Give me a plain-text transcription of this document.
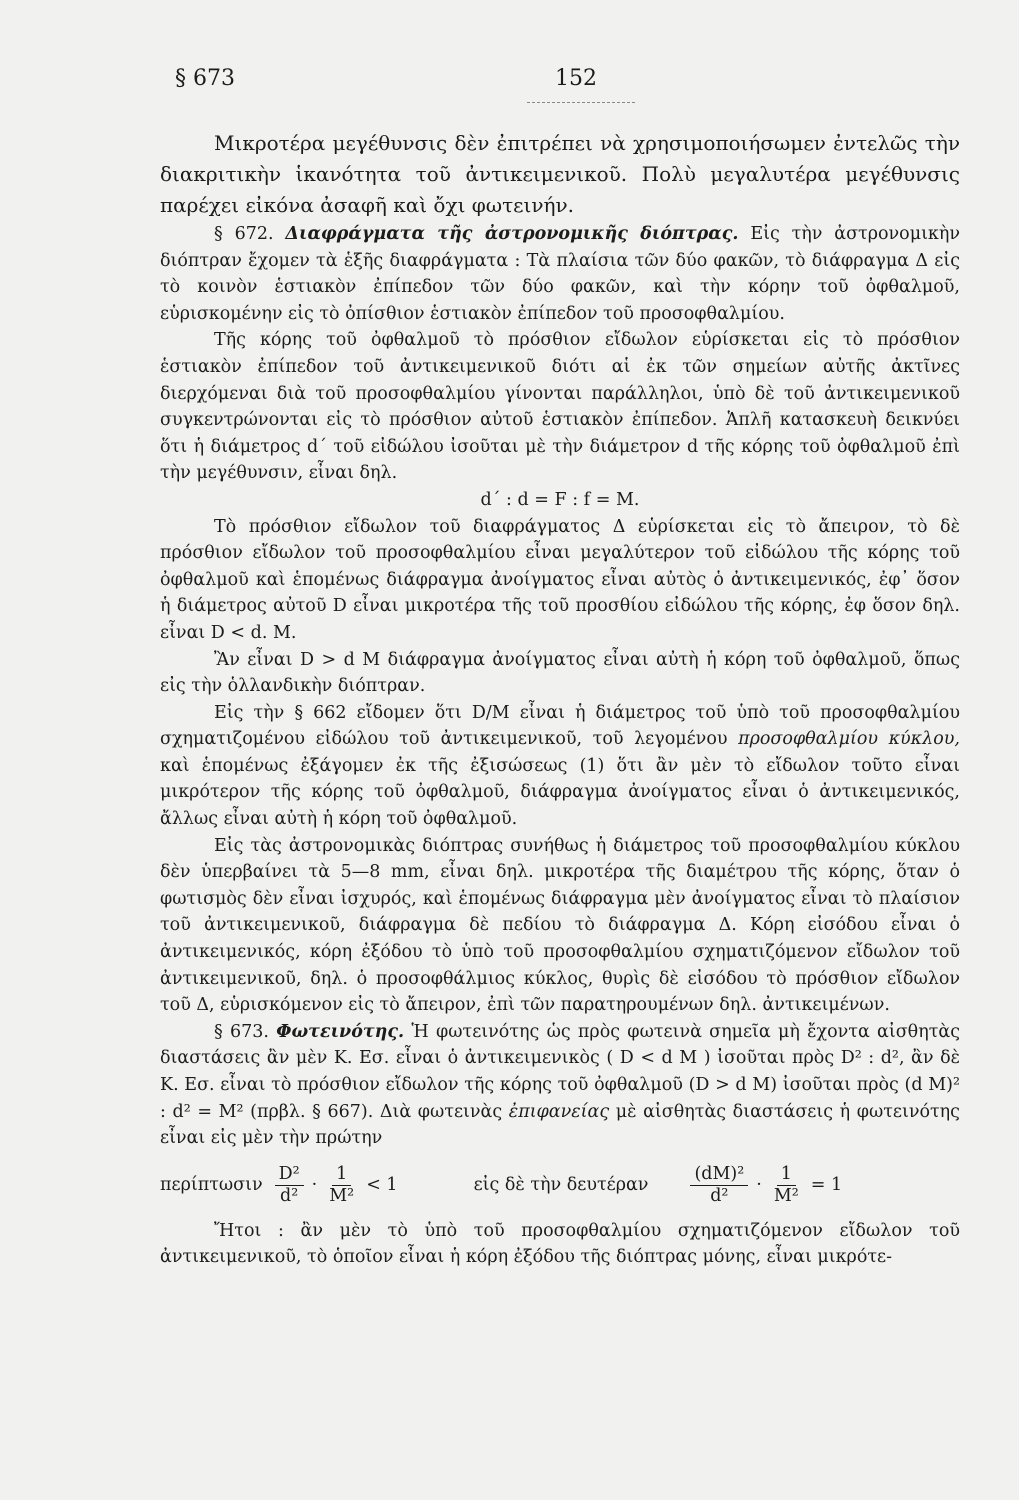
§ 673	152

Μικροτέρα μεγέθυνσις δὲν ἐπιτρέπει νὰ χρησιμοποιήσωμεν ἐντελῶς τὴν διακριτικὴν ἱκανότητα τοῦ ἀντικειμενικοῦ. Πολὺ μεγαλυτέρα μεγέθυνσις παρέχει εἰκόνα ἀσαφῆ καὶ ὄχι φωτεινήν.

§ 672. Διαφράγματα τῆς ἀστρονομικῆς διόπτρας. Εἰς τὴν ἀστρονομικὴν διόπτραν ἔχομεν τὰ ἑξῆς διαφράγματα : Τὰ πλαίσια τῶν δύο φακῶν, τὸ διάφραγμα Δ εἰς τὸ κοινὸν ἑστιακὸν ἐπίπεδον τῶν δύο φακῶν, καὶ τὴν κόρην τοῦ ὀφθαλμοῦ, εὑρισκομένην εἰς τὸ ὀπίσθιον ἑστιακὸν ἐπίπεδον τοῦ προσοφθαλμίου.

Τῆς κόρης τοῦ ὀφθαλμοῦ τὸ πρόσθιον εἴδωλον εὑρίσκεται εἰς τὸ πρόσθιον ἑστιακὸν ἐπίπεδον τοῦ ἀντικειμενικοῦ διότι αἱ ἐκ τῶν σημείων αὐτῆς ἀκτῖνες διερχόμεναι διὰ τοῦ προσοφθαλμίου γίνονται παράλληλοι, ὑπὸ δὲ τοῦ ἀντικειμενικοῦ συγκεντρώνονται εἰς τὸ πρόσθιον αὐτοῦ ἑστιακὸν ἐπίπεδον. Ἁπλῆ κατασκευὴ δεικνύει ὅτι ἡ διάμετρος d΄ τοῦ εἰδώλου ἰσοῦται μὲ τὴν διάμετρον d τῆς κόρης τοῦ ὀφθαλμοῦ ἐπὶ τὴν μεγέθυνσιν, εἶναι δηλ.

d΄ : d = F : f = M.

Τὸ πρόσθιον εἴδωλον τοῦ διαφράγματος Δ εὑρίσκεται εἰς τὸ ἄπειρον, τὸ δὲ πρόσθιον εἴδωλον τοῦ προσοφθαλμίου εἶναι μεγαλύτερον τοῦ εἰδώλου τῆς κόρης τοῦ ὀφθαλμοῦ καὶ ἑπομένως διάφραγμα ἀνοίγματος εἶναι αὐτὸς ὁ ἀντικειμενικός, ἐφ᾽ ὅσον ἡ διάμετρος αὐτοῦ D εἶναι μικροτέρα τῆς τοῦ προσθίου εἰδώλου τῆς κόρης, ἐφ ὅσον δηλ. εἶναι D < d. M.

Ἂν εἶναι D > d M διάφραγμα ἀνοίγματος εἶναι αὐτὴ ἡ κόρη τοῦ ὀφθαλμοῦ, ὅπως εἰς τὴν ὁλλανδικὴν διόπτραν.

Εἰς τὴν § 662 εἴδομεν ὅτι D/M εἶναι ἡ διάμετρος τοῦ ὑπὸ τοῦ προσοφθαλμίου σχηματιζομένου εἰδώλου τοῦ ἀντικειμενικοῦ, τοῦ λεγομένου προσοφθαλμίου κύκλου, καὶ ἑπομένως ἐξάγομεν ἐκ τῆς ἐξισώσεως (1) ὅτι ἂν μὲν τὸ εἴδωλον τοῦτο εἶναι μικρότερον τῆς κόρης τοῦ ὀφθαλμοῦ, διάφραγμα ἀνοίγματος εἶναι ὁ ἀντικειμενικός, ἄλλως εἶναι αὐτὴ ἡ κόρη τοῦ ὀφθαλμοῦ.

Εἰς τὰς ἀστρονομικὰς διόπτρας συνήθως ἡ διάμετρος τοῦ προσοφθαλμίου κύκλου δὲν ὑπερβαίνει τὰ 5—8 mm, εἶναι δηλ. μικροτέρα τῆς διαμέτρου τῆς κόρης, ὅταν ὁ φωτισμὸς δὲν εἶναι ἰσχυρός, καὶ ἑπομένως διάφραγμα μὲν ἀνοίγματος εἶναι τὸ πλαίσιον τοῦ ἀντικειμενικοῦ, διάφραγμα δὲ πεδίου τὸ διάφραγμα Δ. Κόρη εἰσόδου εἶναι ὁ ἀντικειμενικός, κόρη ἐξόδου τὸ ὑπὸ τοῦ προσοφθαλμίου σχηματιζόμενον εἴδωλον τοῦ ἀντικειμενικοῦ, δηλ. ὁ προσοφθάλμιος κύκλος, θυρὶς δὲ εἰσόδου τὸ πρόσθιον εἴδωλον τοῦ Δ, εὑρισκόμενον εἰς τὸ ἄπειρον, ἐπὶ τῶν παρατηρουμένων δηλ. ἀντικειμένων.

§ 673. Φωτεινότης. Ἡ φωτεινότης ὡς πρὸς φωτεινὰ σημεῖα μὴ ἔχοντα αἰσθητὰς διαστάσεις ἂν μὲν Κ. Εσ. εἶναι ὁ ἀντικειμενικὸς ( D < d M ) ἰσοῦται πρὸς D² : d², ἂν δὲ Κ. Εσ. εἶναι τὸ πρόσθιον εἴδωλον τῆς κόρης τοῦ ὀφθαλμοῦ (D > d M) ἰσοῦται πρὸς (d M)² : d² = M² (πρβλ. § 667). Διὰ φωτεινὰς ἐπιφανείας μὲ αἰσθητὰς διαστάσεις ἡ φωτεινότης εἶναι εἰς μὲν τὴν πρώτην

περίπτωσιν $\frac{\text{D²}}{\text{d²}} \cdot \frac{1}{\text{M²}} < 1$	εἰς δὲ τὴν δευτέραν $\frac{\text{(dM)²}}{\text{d²}} \cdot \frac{1}{\text{M²}} = 1$

Ἤτοι : ἂν μὲν τὸ ὑπὸ τοῦ προσοφθαλμίου σχηματιζόμενον εἴδωλον τοῦ ἀντικειμενικοῦ, τὸ ὁποῖον εἶναι ἡ κόρη ἐξόδου τῆς διόπτρας μόνης, εἶναι μικρότε-
